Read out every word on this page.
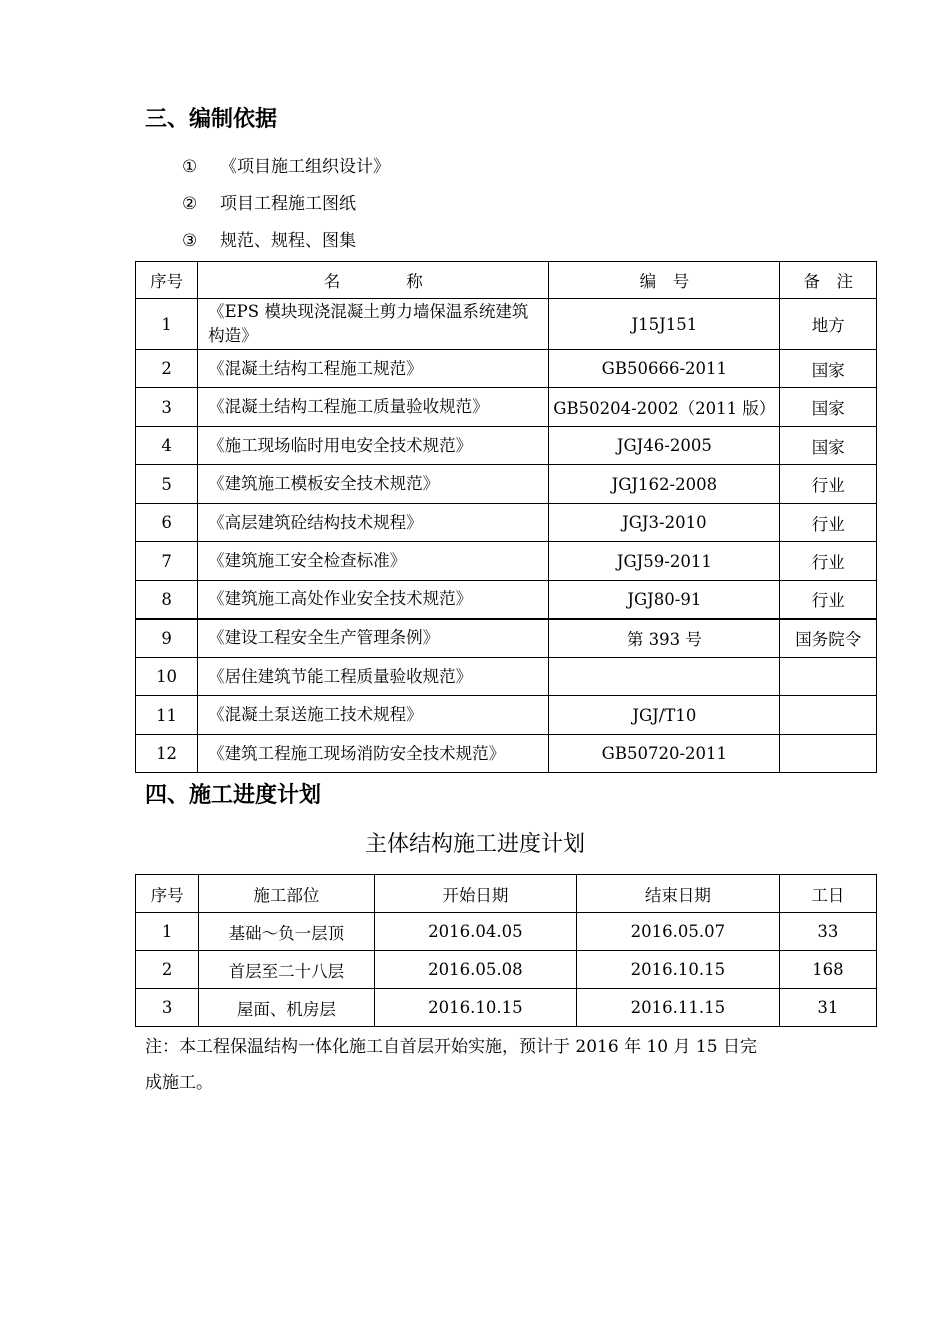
三、编制依据
① 《项目施工组织设计》
② 项目工程施工图纸
③ 规范、规程、图集
序号	名　　　　称	编　号	备　注
1	《EPS 模块现浇混凝土剪力墙保温系统建筑构造》	J15J151	地方
2	《混凝土结构工程施工规范》	GB50666-2011	国家
3	《混凝土结构工程施工质量验收规范》	GB50204-2002（2011 版）	国家
4	《施工现场临时用电安全技术规范》	JGJ46-2005	国家
5	《建筑施工模板安全技术规范》	JGJ162-2008	行业
6	《高层建筑砼结构技术规程》	JGJ3-2010	行业
7	《建筑施工安全检查标准》	JGJ59-2011	行业
8	《建筑施工高处作业安全技术规范》	JGJ80-91	行业
9	《建设工程安全生产管理条例》	第 393 号	国务院令
10	《居住建筑节能工程质量验收规范》		
11	《混凝土泵送施工技术规程》	JGJ/T10	
12	《建筑工程施工现场消防安全技术规范》	GB50720-2011	
四、施工进度计划
主体结构施工进度计划
序号	施工部位	开始日期	结束日期	工日
1	基础～负一层顶	2016.04.05	2016.05.07	33
2	首层至二十八层	2016.05.08	2016.10.15	168
3	屋面、机房层	2016.10.15	2016.11.15	31
注：本工程保温结构一体化施工自首层开始实施，预计于 2016 年 10 月 15 日完
成施工。
